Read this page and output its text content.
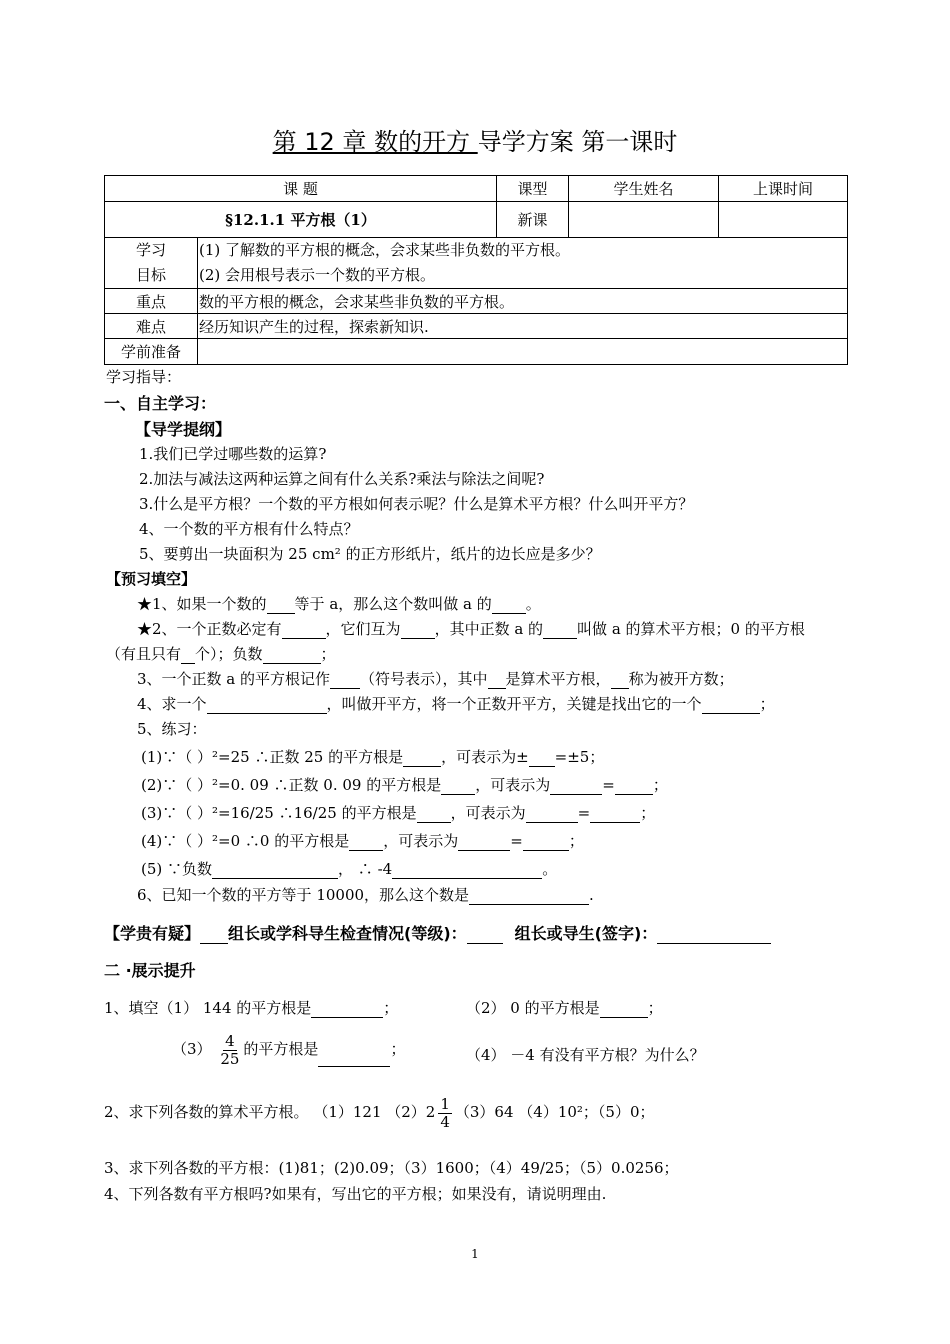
第 12 章 数的开方 导学方案 第一课时
课 题		课型	学生姓名	上课时间
§12.1.1 平方根（1）		新课		
学习
目标	(1) 了解数的平方根的概念，会求某些非负数的平方根。
(2) 会用根号表示一个数的平方根。			
重点	数的平方根的概念，会求某些非负数的平方根。			
难点	经历知识产生的过程，探索新知识.			
学前准备				
学习指导：
一、自主学习：
【导学提纲】
1.我们已学过哪些数的运算?
2.加法与减法这两种运算之间有什么关系?乘法与除法之间呢?
3.什么是平方根？一个数的平方根如何表示呢？什么是算术平方根？什么叫开平方？
4、一个数的平方根有什么特点？
5、要剪出一块面积为 25 cm² 的正方形纸片，纸片的边长应是多少？
【预习填空】
★1、如果一个数的 等于 a，那么这个数叫做 a 的 。
★2、一个正数必定有	，它们互为 ，其中正数 a 的 叫做 a 的算术平方根；0 的平方根
（有且只有 个）；负数	；
3、一个正数 a 的平方根记作 （符号表示），其中 是算术平方根， 称为被开方数；
4、求一个	，叫做开平方，将一个正数开平方，关键是找出它的一个	；
5、练习：
(1)∵（ ）²=25 ∴正数 25 的平方根是	，可表示为± =±5；
(2)∵（ ）²=0. 09 ∴正数 0. 09 的平方根是 ，可表示为	=	；
(3)∵（ ）²=16/25 ∴16/25 的平方根是 ，可表示为	=	；
(4)∵（ ）²=0 ∴0 的平方根是 ，可表示为	=	；
(5) ∵负数	， ∴ -4	。
6、已知一个数的平方等于 10000，那么这个数是	.
【学贵有疑】 组长或学科导生检查情况(等级)：	组长或导生(签字)：
二 ·展示提升
1、填空（1） 144 的平方根是	；	（2） 0 的平方根是	；
$(3) \frac{4}{25}$ 的平方根是	；	（4） －4 有没有平方根？为什么？
2、求下列各数的算术平方根。 （1）121 $(2)2 \frac{1}{4} (3)64$ （4）10²；（5）0；
3、求下列各数的平方根：(1)81；(2)0.09；（3）1600；（4）49/25；（5）0.0256；
4、下列各数有平方根吗?如果有，写出它的平方根；如果没有，请说明理由.
1
